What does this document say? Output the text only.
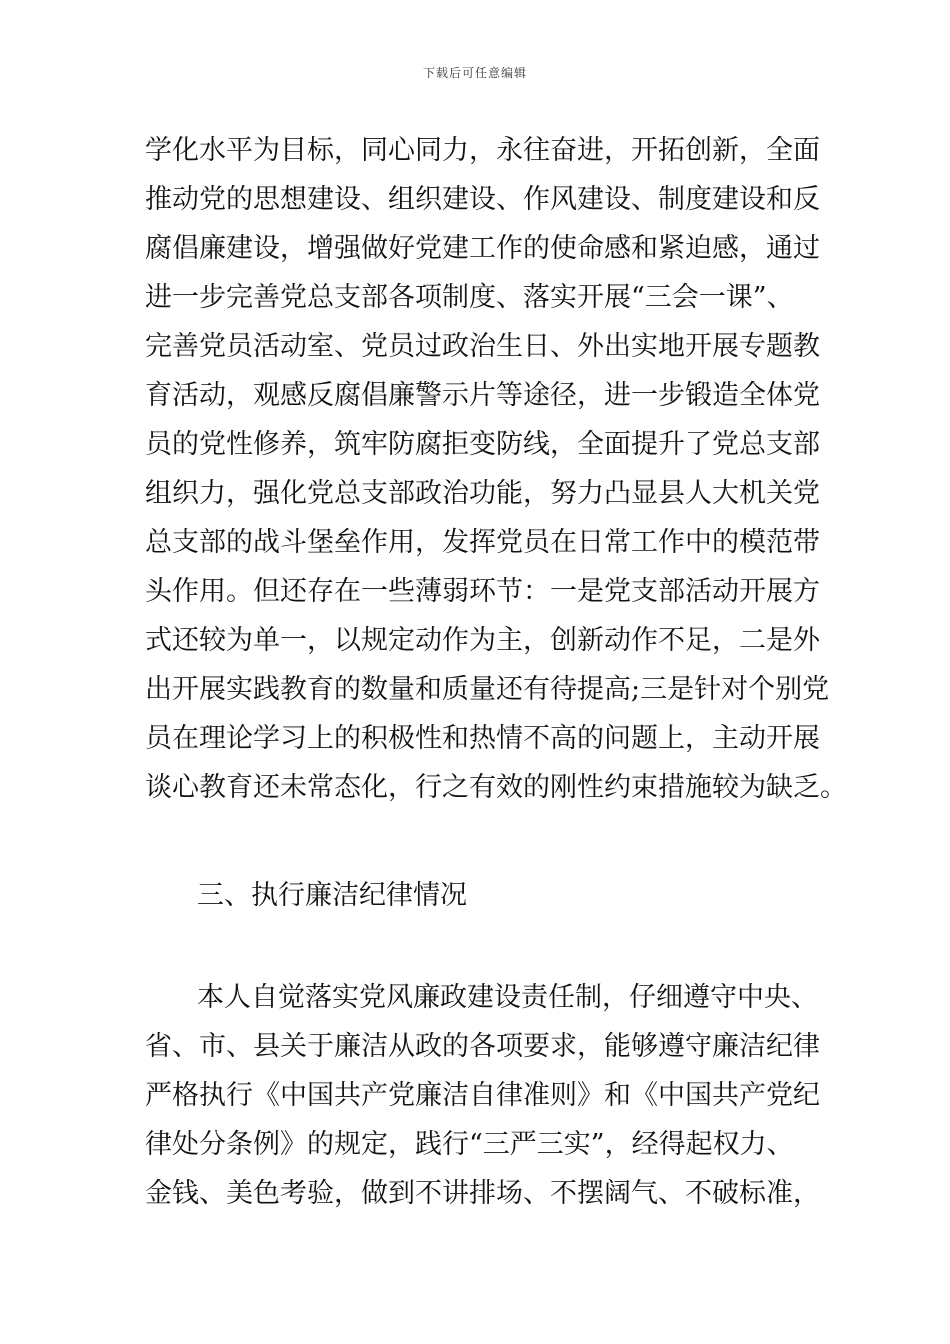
下载后可任意编辑
学化水平为目标，同心同力，永往奋进，开拓创新，全面
推动党的思想建设、组织建设、作风建设、制度建设和反
腐倡廉建设，增强做好党建工作的使命感和紧迫感，通过
进一步完善党总支部各项制度、落实开展“三会一课”、
完善党员活动室、党员过政治生日、外出实地开展专题教
育活动，观感反腐倡廉警示片等途径，进一步锻造全体党
员的党性修养，筑牢防腐拒变防线，全面提升了党总支部
组织力，强化党总支部政治功能，努力凸显县人大机关党
总支部的战斗堡垒作用，发挥党员在日常工作中的模范带
头作用。但还存在一些薄弱环节：一是党支部活动开展方
式还较为单一，以规定动作为主，创新动作不足，二是外
出开展实践教育的数量和质量还有待提高;三是针对个别党
员在理论学习上的积极性和热情不高的问题上，主动开展
谈心教育还未常态化，行之有效的刚性约束措施较为缺乏。
三、执行廉洁纪律情况
本人自觉落实党风廉政建设责任制，仔细遵守中央、
省、市、县关于廉洁从政的各项要求，能够遵守廉洁纪律
严格执行《中国共产党廉洁自律准则》和《中国共产党纪
律处分条例》的规定，践行“三严三实”，经得起权力、
金钱、美色考验，做到不讲排场、不摆阔气、不破标准，
